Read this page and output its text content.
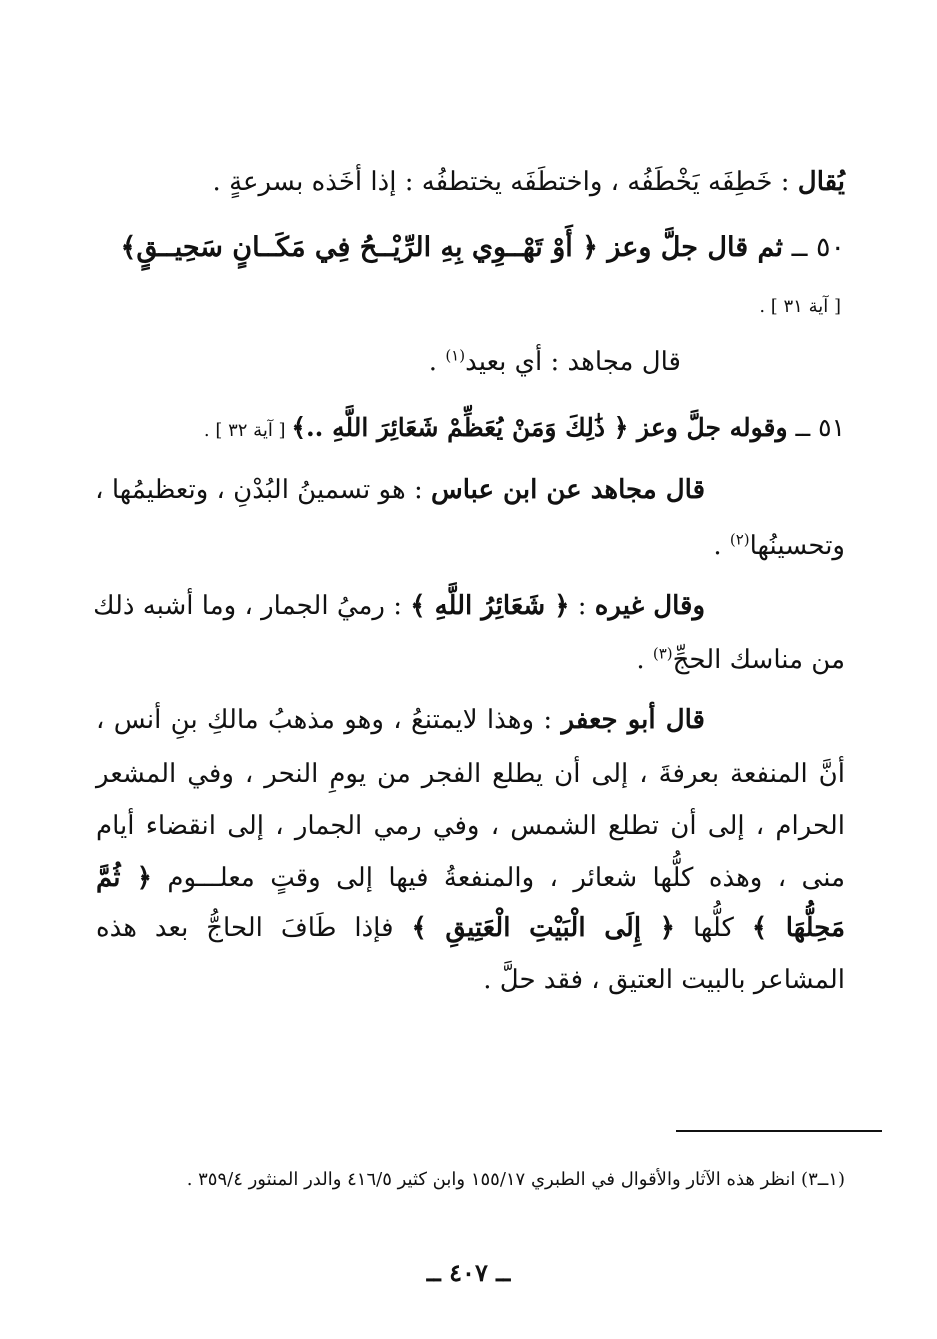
يُقال : خَطِفَه يَخْطَفُه ، واختطَفَه يختطفُه : إذا أخَذه بسرعةٍ .
٥٠ ــ ثم قال جلَّ وعز ﴿ أَوْ تَهْــوِي بِهِ الرِّيْــحُ فِي مَكَــانٍ سَحِيــقٍ﴾
[ آية ٣١ ] .
قال مجاهد : أي بعيد$^{(١)}$ .
٥١ ــ وقوله جلَّ وعز ﴿ ذَٰلِكَ وَمَنْ يُعَظِّمْ شَعَائِرَ اللَّهِ ..﴾ [ آية ٣٢ ] .
قال مجاهد عن ابن عباس : هو تسمينُ البُدْنِ ، وتعظيمُها ،
وتحسينُها$^{(٢)}$ .
وقال غيره : ﴿ شَعَائِرُ اللَّهِ ﴾ : رميُ الجمار ، وما أشبه ذلك
من مناسك الحجِّ$^{(٣)}$ .
قال أبو جعفر : وهذا لايمتنعُ ، وهو مذهبُ مالكِ بنِ أنس ،
أنَّ المنفعة بعرفةَ ، إلى أن يطلع الفجر من يومِ النحر ، وفي المشعر
الحرام ، إلى أن تطلع الشمس ، وفي رمي الجمار ، إلى انقضاء أيام
منى ، وهذه كلُّها شعائر ، والمنفعةُ فيها إلى وقتٍ معلـــوم ﴿ ثُمَّ
مَحِلُّهَا ﴾ كلُّها ﴿ إِلَى الْبَيْتِ الْعَتِيقِ ﴾ فإذا طَافَ الحاجُّ بعد هذه
المشاعر بالبيت العتيق ، فقد حلَّ .
(١ــ٣) انظر هذه الآثار والأقوال في الطبري ١٥٥/١٧ وابن كثير ٤١٦/٥ والدر المنثور ٣٥٩/٤ .
ــ ٤٠٧ ــ
